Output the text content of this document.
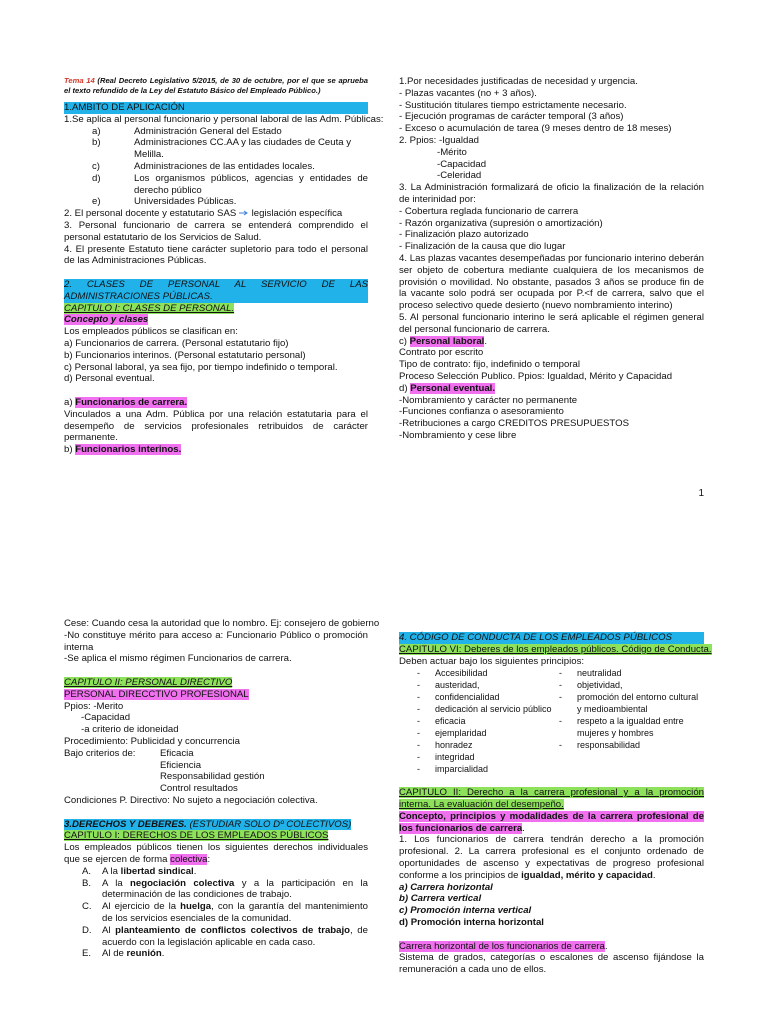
Tema 14 (Real Decreto Legislativo 5/2015, de 30 de octubre, por el que se aprueba el texto refundido de la Ley del Estatuto Básico del Empleado Público.)

1.AMBITO DE APLICACIÓN

1.Se aplica al personal funcionario y personal laboral de las Adm. Públicas:

a)	Administración General del Estado
b)	Administraciones CC.AA y las ciudades de Ceuta y Melilla.
c)	Administraciones de las entidades locales.
d)	Los organismos públicos, agencias y entidades de derecho público
e)	Universidades Públicas.

2. El personal docente y estatutario SAS  legislación específica

3. Personal funcionario de carrera se entenderá comprendido el personal estatutario de los Servicios de Salud.

4. El presente Estatuto tiene carácter supletorio para todo el personal de las Administraciones Públicas.

2. CLASES DE PERSONAL AL SERVICIO DE LAS ADMINISTRACIONES PÚBLICAS.

CAPITULO I: CLASES DE PERSONAL.

Concepto y clases

Los empleados públicos se clasifican en:

a) Funcionarios de carrera. (Personal estatutario fijo)

b) Funcionarios interinos. (Personal estatutario personal)

c) Personal laboral, ya sea fijo, por tiempo indefinido o temporal.

d) Personal eventual.

a) Funcionarios de carrera.

Vinculados a una Adm. Pública por una relación estatutaria para el desempeño de servicios profesionales retribuidos de carácter permanente.

b) Funcionarios interinos.

1.Por necesidades justificadas de necesidad y urgencia.

- Plazas vacantes (no + 3 años).

- Sustitución titulares tiempo estrictamente necesario.

- Ejecución programas de carácter temporal (3 años)

- Exceso o acumulación de tarea (9 meses dentro de 18 meses)

2. Ppios: -Igualdad

-Mérito

-Capacidad

-Celeridad

3. La Administración formalizará de oficio la finalización de la relación de interinidad por:

- Cobertura reglada funcionario de carrera

- Razón organizativa (supresión o amortización)

- Finalización plazo autorizado

- Finalización de la causa que dio lugar

4. Las plazas vacantes desempeñadas por funcionario interino deberán ser objeto de cobertura mediante cualquiera de los mecanismos de provisión o movilidad. No obstante, pasados 3 años se produce fin de la vacante solo podrá ser ocupada por P.<f de carrera, salvo que el proceso selectivo quede desierto (nuevo nombramiento interino)

5. Al personal funcionario interino le será aplicable el régimen general del personal funcionario de carrera.

c) Personal laboral.

Contrato por escrito

Tipo de contrato: fijo, indefinido o temporal

Proceso Selección Publico. Ppios: Igualdad, Mérito y Capacidad

d) Personal eventual.

-Nombramiento y carácter no permanente

-Funciones confianza o asesoramiento

-Retribuciones a cargo CREDITOS PRESUPUESTOS

-Nombramiento y cese libre

1

Cese: Cuando cesa la autoridad que lo nombro. Ej: consejero de gobierno

-No constituye mérito para acceso a: Funcionario Público o promoción interna

-Se aplica el mismo régimen Funcionarios de carrera.

CAPITULO II: PERSONAL DIRECTIVO

PERSONAL DIRECCTIVO PROFESIONAL

Ppios: -Merito

-Capacidad

-a criterio de idoneidad

Procedimiento: Publicidad y concurrencia

Bajo criterios de:	Eficacia

Eficiencia

Responsabilidad gestión

Control resultados

Condiciones P. Directivo: No sujeto a negociación colectiva.

3.DERECHOS Y DEBERES. (ESTUDIAR SOLO Dº COLECTIVOS)

CAPITULO I: DERECHOS DE LOS EMPLEADOS PÚBLICOS

Los empleados públicos tienen los siguientes derechos individuales que se ejercen de forma colectiva:

A.	A la libertad sindical.
B.	A la negociación colectiva y a la participación en la determinación de las condiciones de trabajo.
C.	Al ejercicio de la huelga, con la garantía del mantenimiento de los servicios esenciales de la comunidad.
D.	Al planteamiento de conflictos colectivos de trabajo, de acuerdo con la legislación aplicable en cada caso.
E.	Al de reunión.

4. CÓDIGO DE CONDUCTA DE LOS EMPLEADOS PÚBLICOS

CAPITULO VI: Deberes de los empleados públicos. Código de Conducta.

Deben actuar bajo los siguientes principios:

-	Accesibilidad
-	austeridad,
-	confidencialidad
-	dedicación al servicio público
-	eficacia
-	ejemplaridad
-	honradez
-	integridad
-	imparcialidad
-	neutralidad
-	objetividad,
-	promoción del entorno cultural y medioambiental
-	respeto a la igualdad entre mujeres y hombres
-	responsabilidad

CAPITULO II: Derecho a la carrera profesional y a la promoción interna. La evaluación del desempeño.

Concepto, principios y modalidades de la carrera profesional de los funcionarios de carrera.

1. Los funcionarios de carrera tendrán derecho a la promoción profesional. 2. La carrera profesional es el conjunto ordenado de oportunidades de ascenso y expectativas de progreso profesional conforme a los principios de igualdad, mérito y capacidad.

a) Carrera horizontal

b) Carrera vertical

c) Promoción interna vertical

d) Promoción interna horizontal

Carrera horizontal de los funcionarios de carrera.

Sistema de grados, categorías o escalones de ascenso fijándose la remuneración a cada uno de ellos.
